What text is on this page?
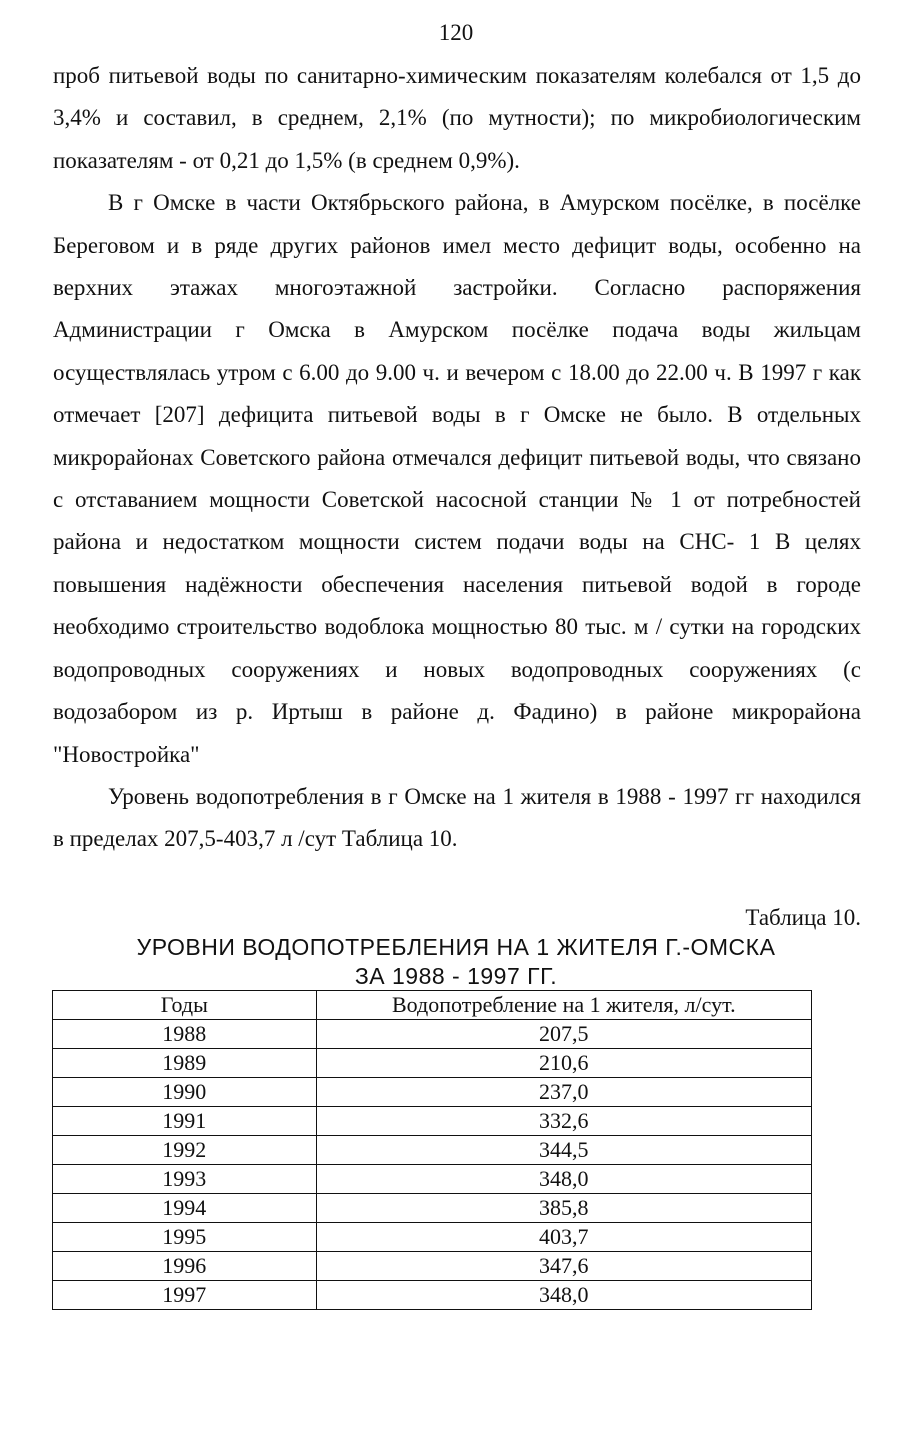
120

проб питьевой воды по санитарно-химическим показателям колебался от 1,5 до 3,4% и составил, в среднем, 2,1% (по мутности); по микробиологическим показателям - от 0,21 до 1,5% (в среднем 0,9%).

В г Омске в части Октябрьского района, в Амурском посёлке, в посёлке Береговом и в ряде других районов имел место дефицит воды, особенно на верхних этажах многоэтажной застройки. Согласно распоряжения Администрации г Омска в Амурском посёлке подача воды жильцам осуществлялась утром с 6.00 до 9.00 ч. и вечером с 18.00 до 22.00 ч. В 1997 г как отмечает [207] дефицита питьевой воды в г Омске не было. В отдельных микрорайонах Советского района отмечался дефицит питьевой воды, что связано с отставанием мощности Советской насосной станции № 1 от потребностей района и недостатком мощности систем подачи воды на СНС- 1 В целях повышения надёжности обеспечения населения питьевой водой в городе необходимо строительство водоблока мощностью 80 тыс. м / сутки на городских водопроводных сооружениях и новых водопроводных сооружениях (с водозабором из р. Иртыш в районе д. Фадино) в районе микрорайона "Новостройка"

Уровень водопотребления в г Омске на 1 жителя в 1988 - 1997 гг находился в пределах 207,5-403,7 л /сут Таблица 10.

Таблица 10.
УРОВНИ ВОДОПОТРЕБЛЕНИЯ НА 1 ЖИТЕЛЯ Г.-ОМСКА
ЗА 1988 - 1997 ГГ.
Годы	Водопотребление на 1 жителя, л/сут.
1988	207,5
1989	210,6
1990	237,0
1991	332,6
1992	344,5
1993	348,0
1994	385,8
1995	403,7
1996	347,6
1997	348,0
